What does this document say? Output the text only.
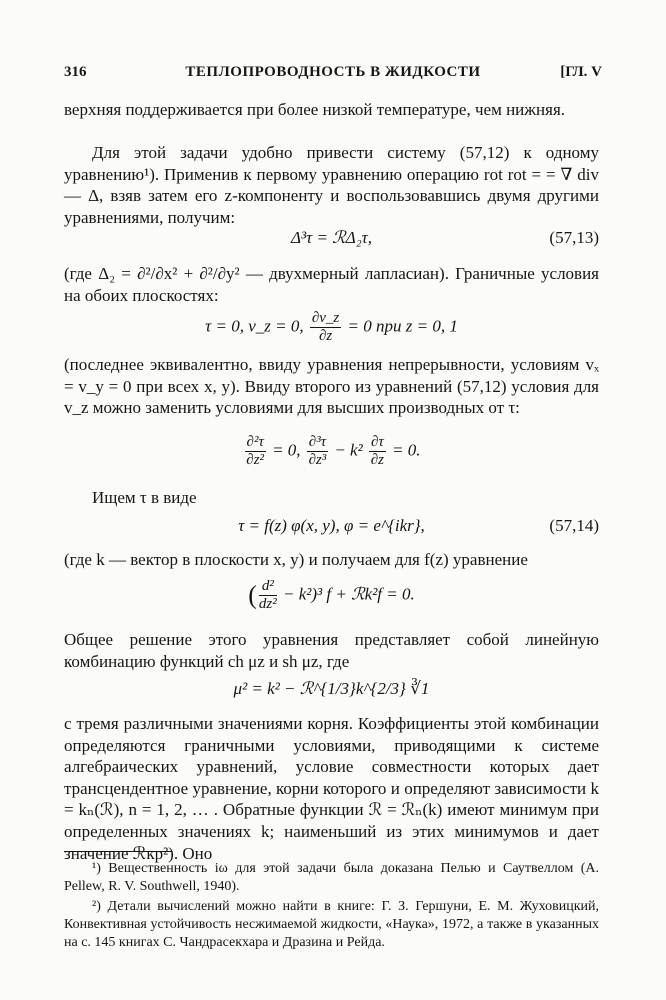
316	ТЕПЛОПРОВОДНОСТЬ В ЖИДКОСТИ	[ГЛ. V

верхняя поддерживается при более низкой температуре, чем нижняя.

Для этой задачи удобно привести систему (57,12) к одному уравнению¹). Применив к первому уравнению операцию rot rot = = ∇ div — Δ, взяв затем его z-компоненту и воспользовавшись двумя другими уравнениями, получим:

Δ³τ = ℛΔ₂τ,	(57,13)

(где Δ₂ = ∂²/∂x² + ∂²/∂y² — двухмерный лапласиан). Граничные условия на обоих плоскостях:

τ = 0, v_z = 0, $\frac{\partial v\_z}{\partial z} = 0$ при z = 0, 1

(последнее эквивалентно, ввиду уравнения непрерывности, условиям vₓ = v_y = 0 при всех x, y). Ввиду второго из уравнений (57,12) условия для v_z можно заменить условиями для высших производных от τ:

$\frac{\text{∂²τ}}{\text{∂z²}} = 0$, $\frac{\text{∂³τ}}{\text{∂z³}} - k^2 \frac{\partial\tau}{\partial z} = 0$.

Ищем τ в виде

τ = f(z) φ(x, y), φ = e^{ikr},	(57,14)

(где k — вектор в плоскости x, y) и получаем для f(z) уравнение

( $\frac{\text{d²}}{\text{dz²}} - k^2)^3$ f + ℛk²f = 0.

Общее решение этого уравнения представляет собой линейную комбинацию функций ch μz и sh μz, где

μ² = k² − ℛ^{1/3}k^{2/3} ∛1

с тремя различными значениями корня. Коэффициенты этой комбинации определяются граничными условиями, приводящими к системе алгебраических уравнений, условие совместности которых дает трансцендентное уравнение, корни которого и определяют зависимости k = kₙ(ℛ), n = 1, 2, … . Обратные функции ℛ = ℛₙ(k) имеют минимум при определенных значениях k; наименьший из этих минимумов и дает значение ℛкр²). Оно

¹) Вещественность iω для этой задачи была доказана Пелью и Саутвеллом (A. Pellew, R. V. Southwell, 1940).

²) Детали вычислений можно найти в книге: Г. З. Гершуни, Е. М. Жуховицкий, Конвективная устойчивость несжимаемой жидкости, «Наука», 1972, а также в указанных на с. 145 книгах С. Чандрасекхара и Дразина и Рейда.
